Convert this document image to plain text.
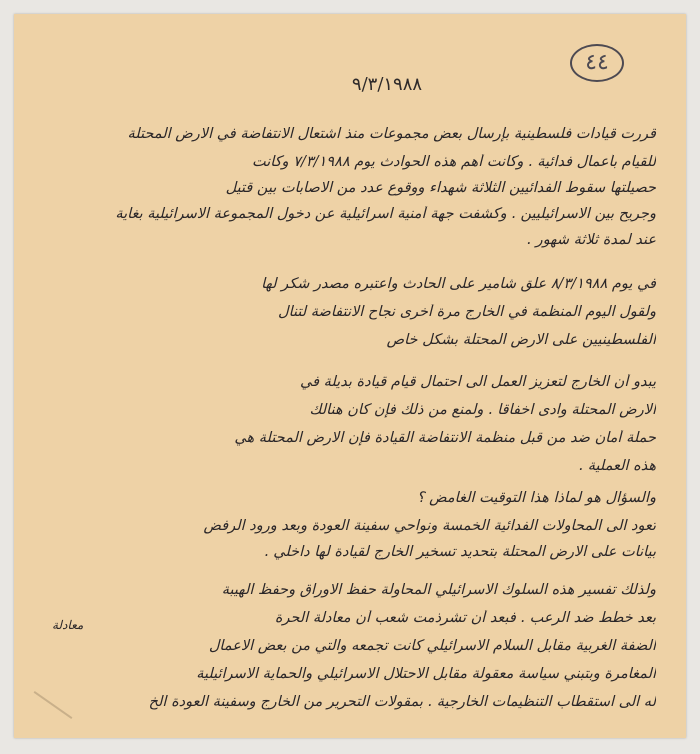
٤٤
٩/٣/١٩٨٨
قررت قيادات فلسطينية بإرسال بعض مجموعات منذ اشتعال الانتفاضة في الارض المحتلة
للقيام بأعمال فدائية . وكانت أهم هذه الحوادث يوم ٧/٣/١٩٨٨ وكانت
حصيلتها سقوط الفدائيين الثلاثة شهداء ووقوع عدد من الاصابات بين قتيل
وجريح بين الاسرائيليين . وكشفت جهة أمنية اسرائيلية عن دخول المجموعة الاسرائيلية بغاية
عند لمدة ثلاثة شهور .
في يوم ٨/٣/١٩٨٨ علق شامير على الحادث واعتبره مصدر شكر لها
ولقول اليوم المنظمة في الخارج مرة أخرى نجاح الانتفاضة لتنال
الفلسطينيين على الارض المحتلة بشكل خاص
يبدو أن الخارج لتعزيز العمل الى احتمال قيام قيادة بديلة في
الارض المحتلة وادى اخفاقا . ولمنع من ذلك فإن كان هنالك
حملة أمان ضد من قبل منظمة الانتفاضة القيادة فإن الارض المحتلة هي
هذه العملية .
والسؤال هو لماذا هذا التوقيت الغامض ؟
تعود الى المحاولات الفدائية الخمسة ونواحي سفينة العودة وبعد ورود الرفض
بيانات على الارض المحتلة بتحديد تسخير الخارج لقيادة لها داخلي .
ولذلك تفسير هذه السلوك الاسرائيلي المحاولة حفظ الاوراق وحفظ الهيبة
بعد خطط ضد الرعب . فبعد أن تشرذمت شعب أن معادلة الحرة
الضفة الغربية مقابل السلام الاسرائيلي كانت تجمعه والتي من بعض الاعمال
المغامرة وبتبني سياسة معقولة مقابل الاحتلال الاسرائيلي والحماية الاسرائيلية
له الى استقطاب التنظيمات الخارجية . بمقولات التحرير من الخارج وسفينة العودة الخ
معادلة
